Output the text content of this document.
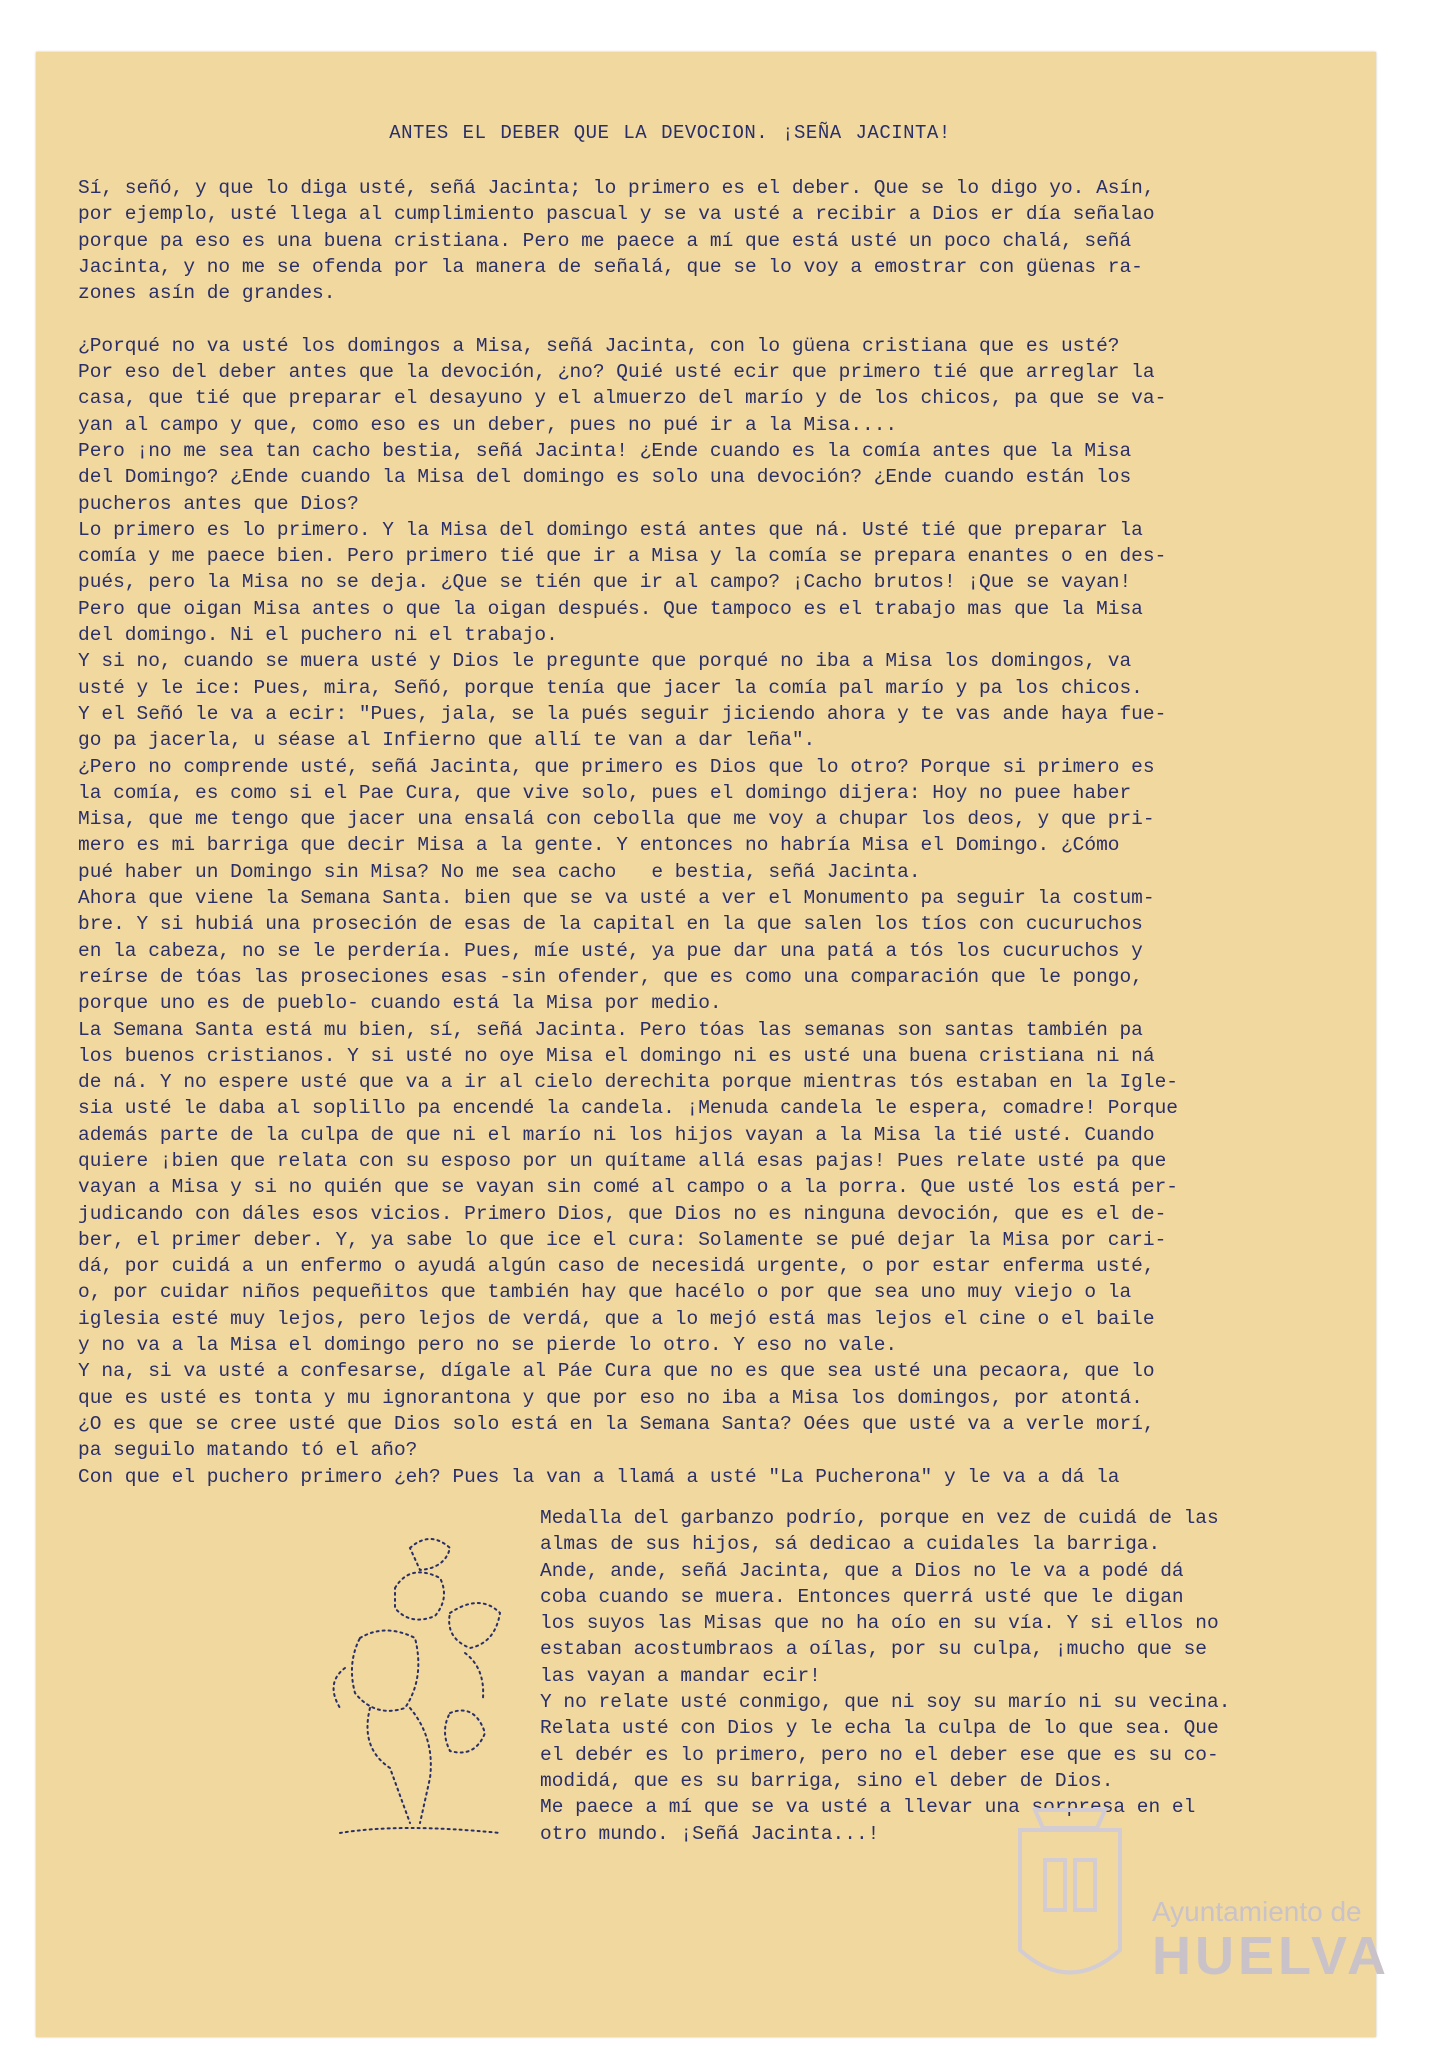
ANTES EL DEBER QUE LA DEVOCION. ¡SEÑA JACINTA!
Sí, señó, y que lo diga usté, señá Jacinta; lo primero es el deber. Que se lo digo yo. Asín,
por ejemplo, usté llega al cumplimiento pascual y se va usté a recibir a Dios er día señalao
porque pa eso es una buena cristiana. Pero me paece a mí que está usté un poco chalá, señá
Jacinta, y no me se ofenda por la manera de señalá, que se lo voy a emostrar con güenas ra-
zones asín de grandes.
¿Porqué no va usté los domingos a Misa, señá Jacinta, con lo güena cristiana que es usté?
Por eso del deber antes que la devoción, ¿no? Quié usté ecir que primero tié que arreglar la
casa, que tié que preparar el desayuno y el almuerzo del marío y de los chicos, pa que se va-
yan al campo y que, como eso es un deber, pues no pué ir a la Misa....
Pero ¡no me sea tan cacho bestia, señá Jacinta! ¿Ende cuando es la comía antes que la Misa
del Domingo? ¿Ende cuando la Misa del domingo es solo una devoción? ¿Ende cuando están los
pucheros antes que Dios?
Lo primero es lo primero. Y la Misa del domingo está antes que ná. Usté tié que preparar la
comía y me paece bien. Pero primero tié que ir a Misa y la comía se prepara enantes o en des-
pués, pero la Misa no se deja. ¿Que se tién que ir al campo? ¡Cacho brutos! ¡Que se vayan!
Pero que oigan Misa antes o que la oigan después. Que tampoco es el trabajo mas que la Misa
del domingo. Ni el puchero ni el trabajo.
Y si no, cuando se muera usté y Dios le pregunte que porqué no iba a Misa los domingos, va
usté y le ice: Pues, mira, Señó, porque tenía que jacer la comía pal marío y pa los chicos.
Y el Señó le va a ecir: "Pues, jala, se la pués seguir jiciendo ahora y te vas ande haya fue-
go pa jacerla, u séase al Infierno que allí te van a dar leña".
¿Pero no comprende usté, señá Jacinta, que primero es Dios que lo otro? Porque si primero es
la comía, es como si el Pae Cura, que vive solo, pues el domingo dijera: Hoy no puee haber
Misa, que me tengo que jacer una ensalá con cebolla que me voy a chupar los deos, y que pri-
mero es mi barriga que decir Misa a la gente. Y entonces no habría Misa el Domingo. ¿Cómo
pué haber un Domingo sin Misa? No me sea cacho   e bestia, señá Jacinta.
Ahora que viene la Semana Santa. bien que se va usté a ver el Monumento pa seguir la costum-
bre. Y si hubiá una proseción de esas de la capital en la que salen los tíos con cucuruchos
en la cabeza, no se le perdería. Pues, míe usté, ya pue dar una patá a tós los cucuruchos y
reírse de tóas las proseciones esas -sin ofender, que es como una comparación que le pongo,
porque uno es de pueblo- cuando está la Misa por medio.
La Semana Santa está mu bien, sí, señá Jacinta. Pero tóas las semanas son santas también pa
los buenos cristianos. Y si usté no oye Misa el domingo ni es usté una buena cristiana ni ná
de ná. Y no espere usté que va a ir al cielo derechita porque mientras tós estaban en la Igle-
sia usté le daba al soplillo pa encendé la candela. ¡Menuda candela le espera, comadre! Porque
además parte de la culpa de que ni el marío ni los hijos vayan a la Misa la tié usté. Cuando
quiere ¡bien que relata con su esposo por un quítame allá esas pajas! Pues relate usté pa que
vayan a Misa y si no quién que se vayan sin comé al campo o a la porra. Que usté los está per-
judicando con dáles esos vicios. Primero Dios, que Dios no es ninguna devoción, que es el de-
ber, el primer deber. Y, ya sabe lo que ice el cura: Solamente se pué dejar la Misa por cari-
dá, por cuidá a un enfermo o ayudá algún caso de necesidá urgente, o por estar enferma usté,
o, por cuidar niños pequeñitos que también hay que hacélo o por que sea uno muy viejo o la
iglesia esté muy lejos, pero lejos de verdá, que a lo mejó está mas lejos el cine o el baile
y no va a la Misa el domingo pero no se pierde lo otro. Y eso no vale.
Y na, si va usté a confesarse, dígale al Páe Cura que no es que sea usté una pecaora, que lo
que es usté es tonta y mu ignorantona y que por eso no iba a Misa los domingos, por atontá.
¿O es que se cree usté que Dios solo está en la Semana Santa? Oées que usté va a verle morí,
pa seguilo matando tó el año?
Con que el puchero primero ¿eh? Pues la van a llamá a usté "La Pucherona" y le va a dá la
Medalla del garbanzo podrío, porque en vez de cuidá de las
almas de sus hijos, sá dedicao a cuidales la barriga.
Ande, ande, señá Jacinta, que a Dios no le va a podé dá
coba cuando se muera. Entonces querrá usté que le digan
los suyos las Misas que no ha oío en su vía. Y si ellos no
estaban acostumbraos a oílas, por su culpa, ¡mucho que se
las vayan a mandar ecir!
Y no relate usté conmigo, que ni soy su marío ni su vecina.
Relata usté con Dios y le echa la culpa de lo que sea. Que
el debér es lo primero, pero no el deber ese que es su co-
modidá, que es su barriga, sino el deber de Dios.
Me paece a mí que se va usté a llevar una sorpresa en el
otro mundo. ¡Señá Jacinta...!
Ayuntamiento de
HUELVA
